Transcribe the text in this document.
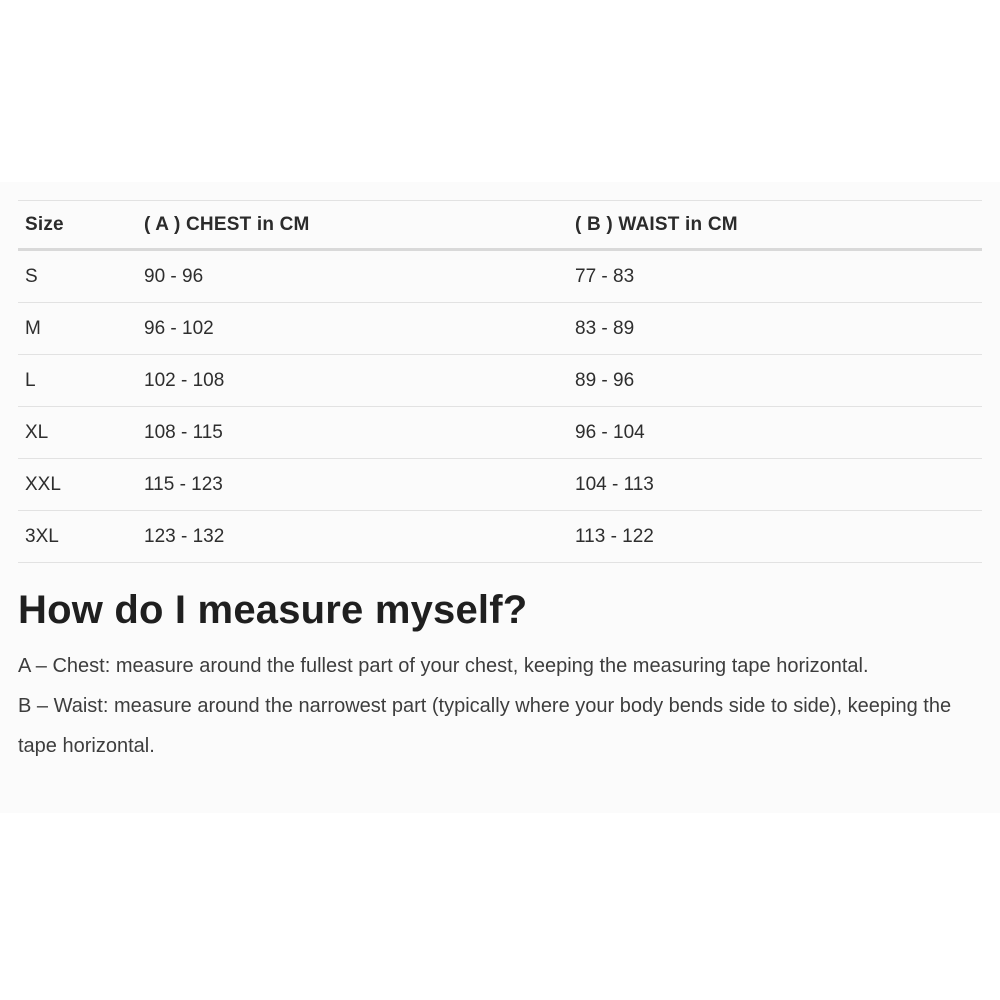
Size	( A ) CHEST in CM	( B ) WAIST in CM
S	90 - 96	77 - 83
M	96 - 102	83 - 89
L	102 - 108	89 - 96
XL	108 - 115	96 - 104
XXL	115 - 123	104 - 113
3XL	123 - 132	113 - 122
How do I measure myself?

A – Chest: measure around the fullest part of your chest, keeping the measuring tape horizontal.

B – Waist: measure around the narrowest part (typically where your body bends side to side), keeping the tape horizontal.
